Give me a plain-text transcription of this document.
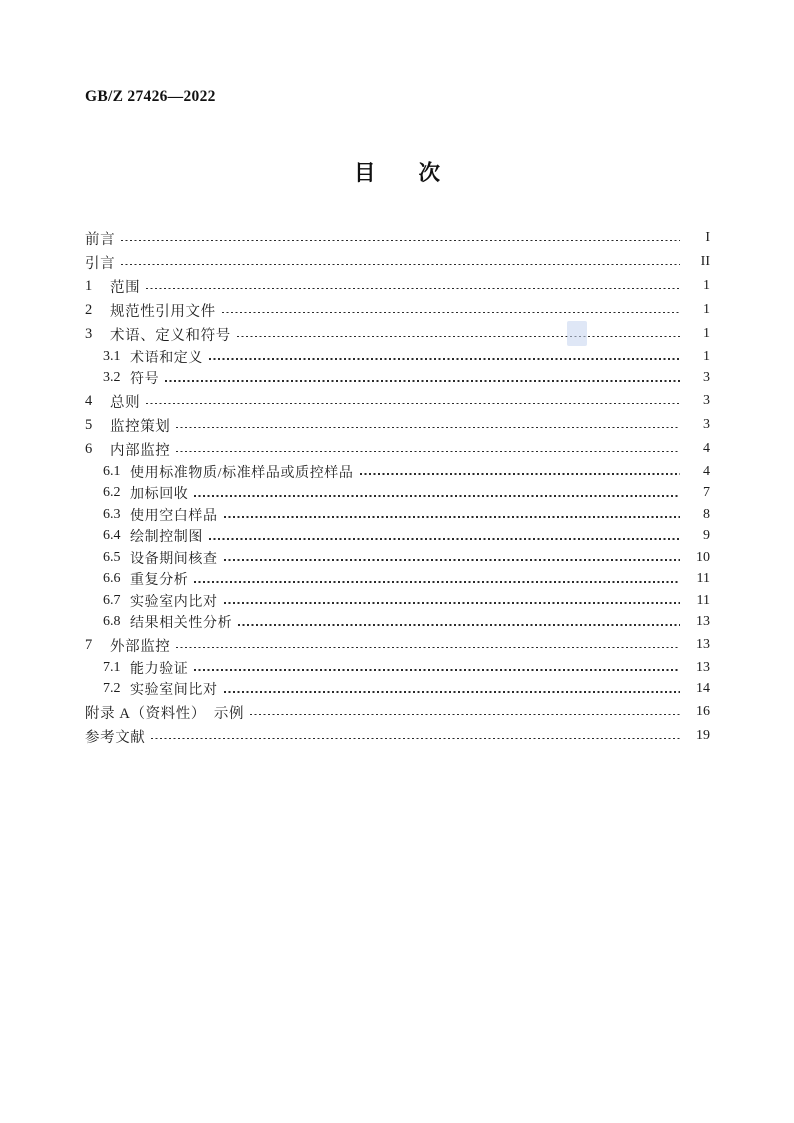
GB/Z 27426—2022
目　　次
前言	I
引言	II
1	范围	1
2	规范性引用文件	1
3	术语、定义和符号	1
3.1 术语和定义	1
3.2 符号	3
4	总则	3
5	监控策划	3
6	内部监控	4
6.1 使用标准物质/标准样品或质控样品	4
6.2 加标回收	7
6.3 使用空白样品	8
6.4 绘制控制图	9
6.5 设备期间核查	10
6.6 重复分析	11
6.7 实验室内比对	11
6.8 结果相关性分析	13
7	外部监控	13
7.1 能力验证	13
7.2 实验室间比对	14
附录 A（资料性）　示例	16
参考文献	19
